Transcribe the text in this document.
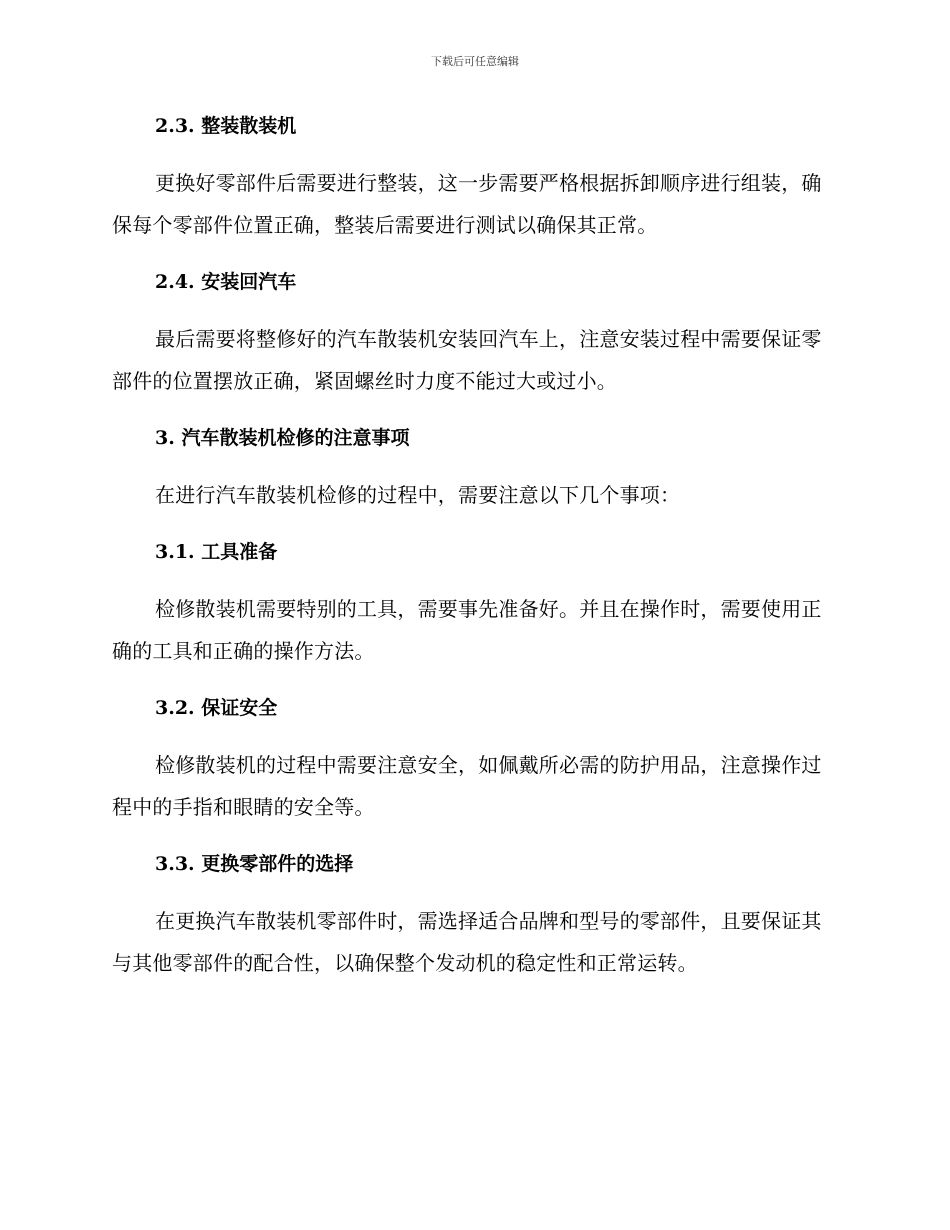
下载后可任意编辑
2.3. 整装散装机

更换好零部件后需要进行整装，这一步需要严格根据拆卸顺序进行组装，确保每个零部件位置正确，整装后需要进行测试以确保其正常。

2.4. 安装回汽车

最后需要将整修好的汽车散装机安装回汽车上，注意安装过程中需要保证零部件的位置摆放正确，紧固螺丝时力度不能过大或过小。

3. 汽车散装机检修的注意事项

在进行汽车散装机检修的过程中，需要注意以下几个事项：

3.1. 工具准备

检修散装机需要特别的工具，需要事先准备好。并且在操作时，需要使用正确的工具和正确的操作方法。

3.2. 保证安全

检修散装机的过程中需要注意安全，如佩戴所必需的防护用品，注意操作过程中的手指和眼睛的安全等。

3.3. 更换零部件的选择

在更换汽车散装机零部件时，需选择适合品牌和型号的零部件，且要保证其与其他零部件的配合性，以确保整个发动机的稳定性和正常运转。
